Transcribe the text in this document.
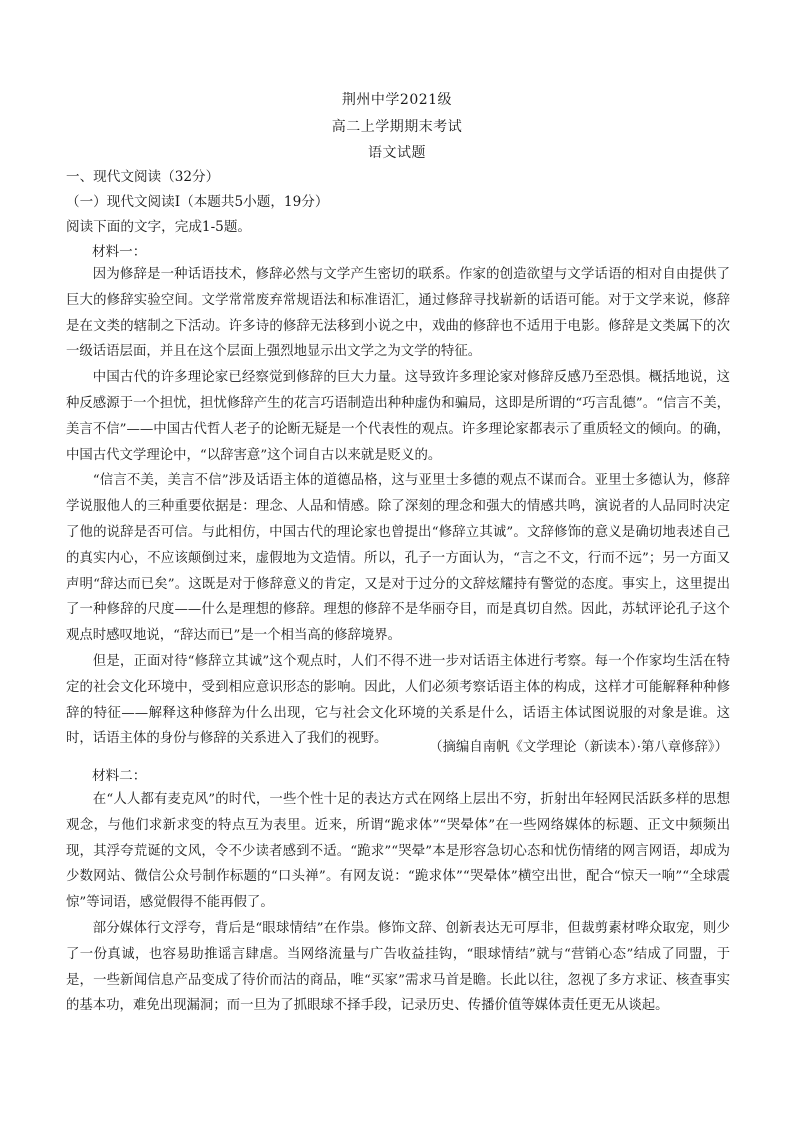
荆州中学2021级
高二上学期期末考试
语文试题
一、现代文阅读（32分）
（一）现代文阅读Ⅰ（本题共5小题，19分）
阅读下面的文字，完成1-5题。
材料一：

因为修辞是一种话语技术，修辞必然与文学产生密切的联系。作家的创造欲望与文学话语的相对自由提供了巨大的修辞实验空间。文学常常废弃常规语法和标准语汇，通过修辞寻找崭新的话语可能。对于文学来说，修辞是在文类的辖制之下活动。许多诗的修辞无法移到小说之中，戏曲的修辞也不适用于电影。修辞是文类属下的次一级话语层面，并且在这个层面上强烈地显示出文学之为文学的特征。

中国古代的许多理论家已经察觉到修辞的巨大力量。这导致许多理论家对修辞反感乃至恐惧。概括地说，这种反感源于一个担忧，担忧修辞产生的花言巧语制造出种种虚伪和骗局，这即是所谓的“巧言乱德”。“信言不美，美言不信”——中国古代哲人老子的论断无疑是一个代表性的观点。许多理论家都表示了重质轻文的倾向。的确，中国古代文学理论中，“以辞害意”这个词自古以来就是贬义的。

“信言不美，美言不信”涉及话语主体的道德品格，这与亚里士多德的观点不谋而合。亚里士多德认为，修辞学说服他人的三种重要依据是：理念、人品和情感。除了深刻的理念和强大的情感共鸣，演说者的人品同时决定了他的说辞是否可信。与此相仿，中国古代的理论家也曾提出“修辞立其诚”。文辞修饰的意义是确切地表述自己的真实内心，不应该颠倒过来，虚假地为文造情。所以，孔子一方面认为，“言之不文，行而不远”；另一方面又声明“辞达而已矣”。这既是对于修辞意义的肯定，又是对于过分的文辞炫耀持有警觉的态度。事实上，这里提出了一种修辞的尺度——什么是理想的修辞。理想的修辞不是华丽夺目，而是真切自然。因此，苏轼评论孔子这个观点时感叹地说，“辞达而已”是一个相当高的修辞境界。

但是，正面对待“修辞立其诚”这个观点时，人们不得不进一步对话语主体进行考察。每一个作家均生活在特定的社会文化环境中，受到相应意识形态的影响。因此，人们必须考察话语主体的构成，这样才可能解释种种修辞的特征——解释这种修辞为什么出现，它与社会文化环境的关系是什么，话语主体试图说服的对象是谁。这时，话语主体的身份与修辞的关系进入了我们的视野。

（摘编自南帆《文学理论（新读本）·第八章修辞》）
材料二：

在“人人都有麦克风”的时代，一些个性十足的表达方式在网络上层出不穷，折射出年轻网民活跃多样的思想观念，与他们求新求变的特点互为表里。近来，所谓“跪求体”“哭晕体”在一些网络媒体的标题、正文中频频出现，其浮夸荒诞的文风，令不少读者感到不适。“跪求”“哭晕”本是形容急切心态和忧伤情绪的网言网语，却成为少数网站、微信公众号制作标题的“口头禅”。有网友说：“跪求体”“哭晕体”横空出世，配合“惊天一响”“全球震惊”等词语，感觉假得不能再假了。

部分媒体行文浮夸，背后是“眼球情结”在作祟。修饰文辞、创新表达无可厚非，但裁剪素材哗众取宠，则少了一份真诚，也容易助推谣言肆虐。当网络流量与广告收益挂钩，“眼球情结”就与“营销心态”结成了同盟，于是，一些新闻信息产品变成了待价而沽的商品，唯“买家”需求马首是瞻。长此以往，忽视了多方求证、核查事实的基本功，难免出现漏洞；而一旦为了抓眼球不择手段，记录历史、传播价值等媒体责任更无从谈起。
